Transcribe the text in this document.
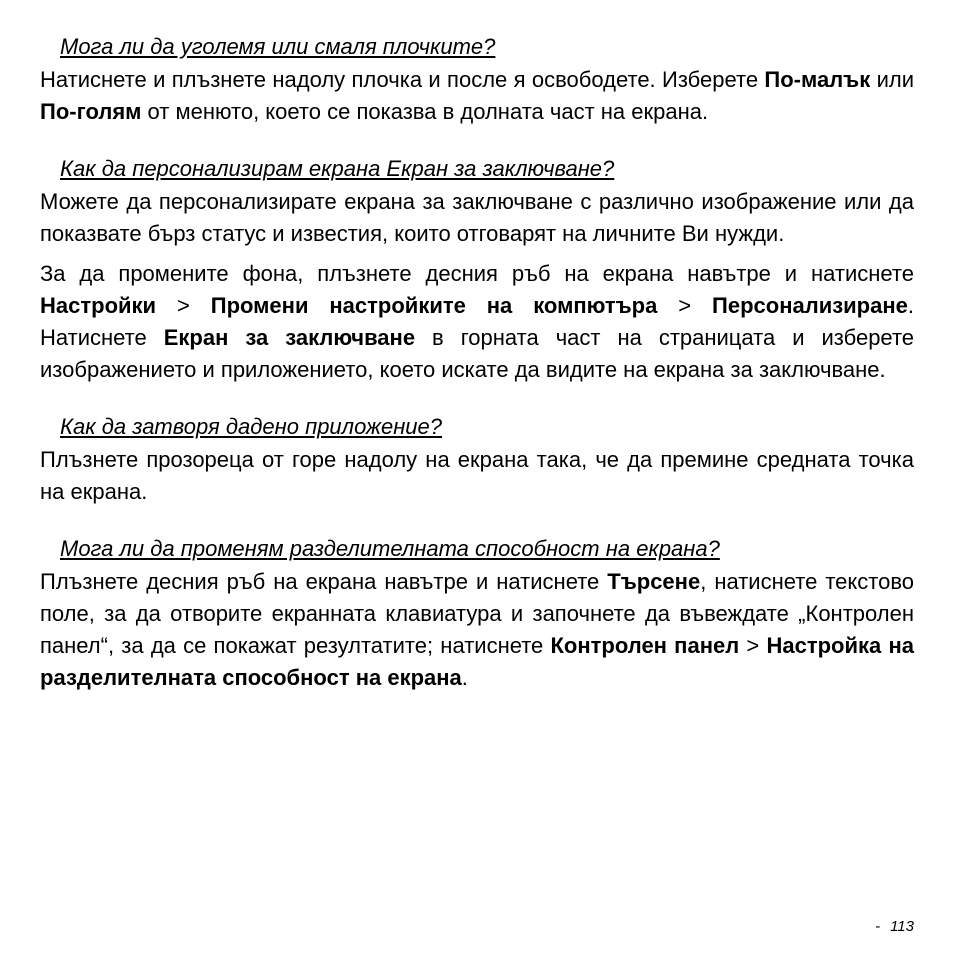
Мога ли да уголемя или смаля плочките?

Натиснете и плъзнете надолу плочка и после я освободете. Изберете По-малък или По-голям от менюто, което се показва в долната част на екрана.

Как да персонализирам екрана Екран за заключване?

Можете да персонализирате екрана за заключване с различно изображение или да показвате бърз статус и известия, които отговарят на личните Ви нужди.

За да промените фона, плъзнете десния ръб на екрана навътре и натиснете Настройки > Промени настройките на компютъра > Персонализиране. Натиснете Екран за заключване в горната част на страницата и изберете изображението и приложението, което искате да видите на екрана за заключване.

Как да затворя дадено приложение?

Плъзнете прозореца от горе надолу на екрана така, че да премине средната точка на екрана.

Мога ли да променям разделителната способност на екрана?

Плъзнете десния ръб на екрана навътре и натиснете Търсене, натиснете текстово поле, за да отворите екранната клавиатура и започнете да въвеждате „Контролен панел“, за да се покажат резултатите; натиснете Контролен панел > Настройка на разделителната способност на екрана.

- 113
